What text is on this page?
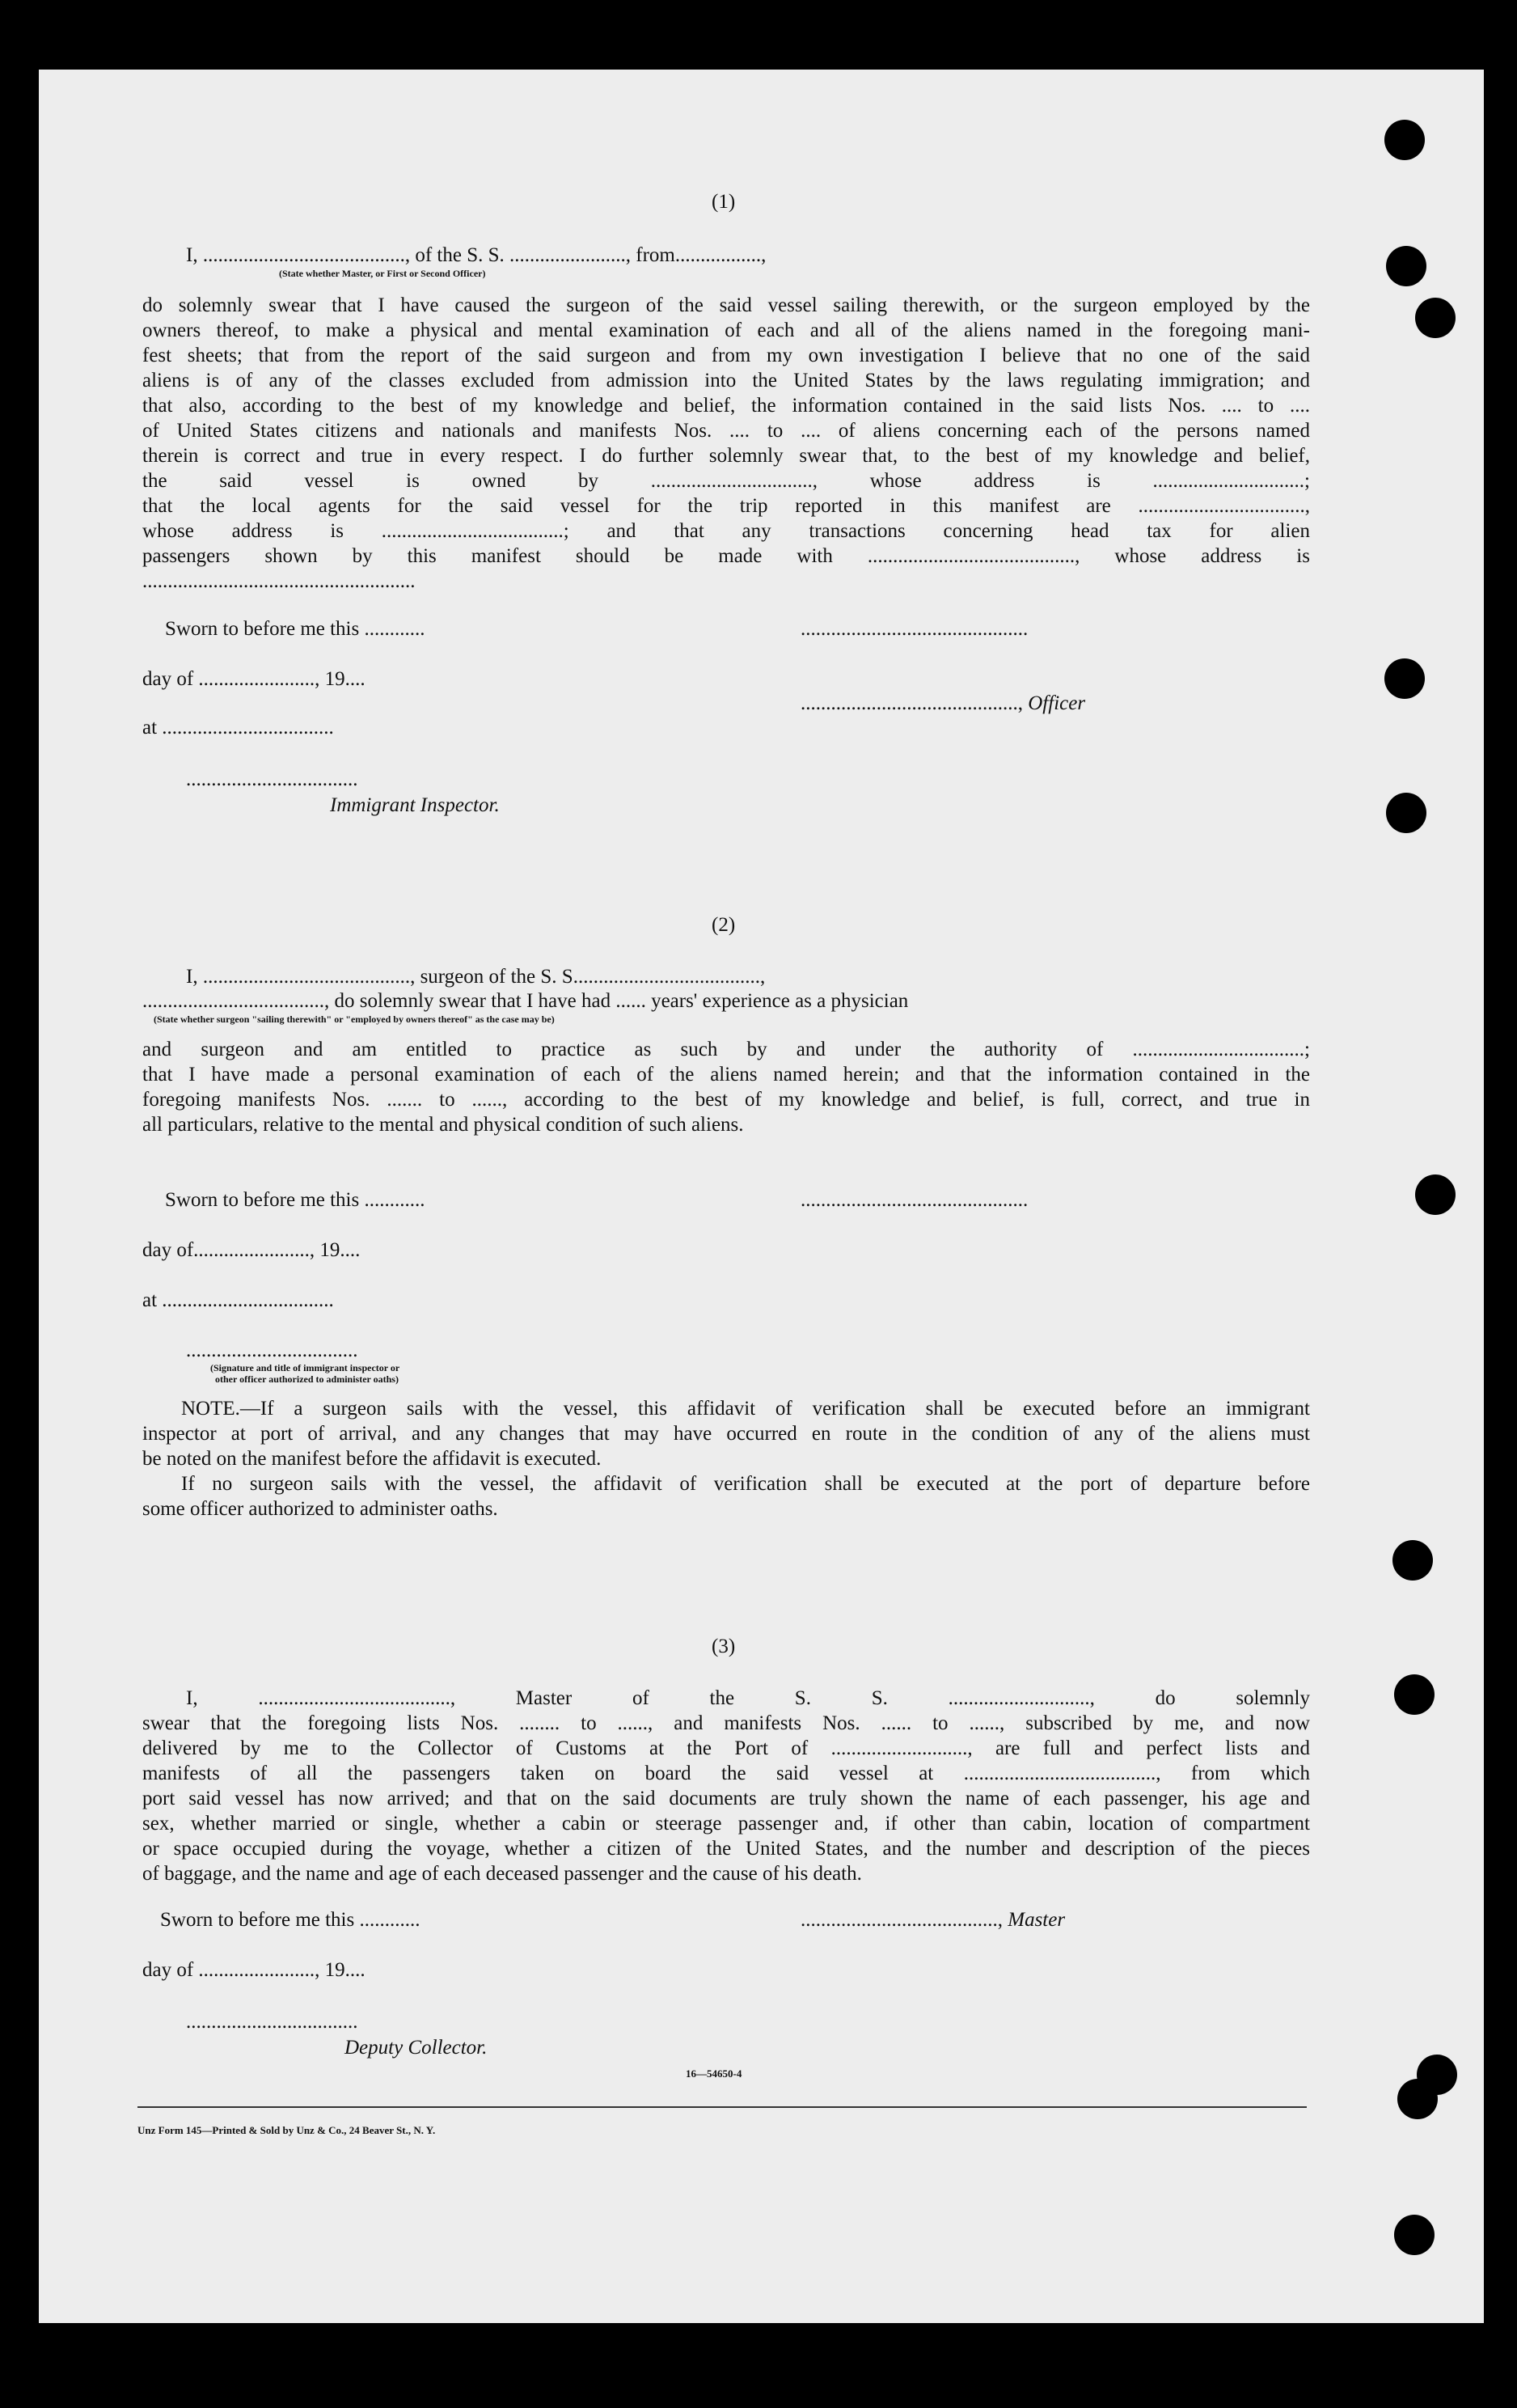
(1)
I, ........................................, of the S. S. ......................., from.................,
(State whether Master, or First or Second Officer)
do solemnly swear that I have caused the surgeon of the said vessel sailing therewith, or the surgeon employed by the
owners thereof, to make a physical and mental examination of each and all of the aliens named in the foregoing mani-
fest sheets; that from the report of the said surgeon and from my own investigation I believe that no one of the said
aliens is of any of the classes excluded from admission into the United States by the laws regulating immigration; and
that also, according to the best of my knowledge and belief, the information contained in the said lists Nos. .... to ....
of United States citizens and nationals and manifests Nos. .... to .... of aliens concerning each of the persons named
therein is correct and true in every respect. I do further solemnly swear that, to the best of my knowledge and belief,
the said vessel is owned by ................................, whose address is ..............................;
that the local agents for the said vessel for the trip reported in this manifest are .................................,
whose address is ....................................; and that any transactions concerning head tax for alien
passengers shown by this manifest should be made with ........................................., whose address is
......................................................
Sworn to before me this ............	.............................................
day of ......................., 19....
..........................................., Officer
at ..................................
..................................
Immigrant Inspector.
(2)
I, ........................................., surgeon of the S. S.....................................,
...................................., do solemnly swear that I have had ...... years' experience as a physician
(State whether surgeon "sailing therewith" or "employed by owners thereof" as the case may be)
and surgeon and am entitled to practice as such by and under the authority of ..................................;
that I have made a personal examination of each of the aliens named herein; and that the information contained in the
foregoing manifests Nos. ....... to ......, according to the best of my knowledge and belief, is full, correct, and true in
all particulars, relative to the mental and physical condition of such aliens.
Sworn to before me this ............	.............................................
day of......................., 19....
at ..................................
..................................
(Signature and title of immigrant inspector or
other officer authorized to administer oaths)
NOTE.—If a surgeon sails with the vessel, this affidavit of verification shall be executed before an immigrant
inspector at port of arrival, and any changes that may have occurred en route in the condition of any of the aliens must
be noted on the manifest before the affidavit is executed.
If no surgeon sails with the vessel, the affidavit of verification shall be executed at the port of departure before
some officer authorized to administer oaths.
(3)
I, ......................................, Master of the S. S. ............................, do solemnly
swear that the foregoing lists Nos. ........ to ......, and manifests Nos. ...... to ......, subscribed by me, and now
delivered by me to the Collector of Customs at the Port of ..........................., are full and perfect lists and
manifests of all the passengers taken on board the said vessel at ......................................, from which
port said vessel has now arrived; and that on the said documents are truly shown the name of each passenger, his age and
sex, whether married or single, whether a cabin or steerage passenger and, if other than cabin, location of compartment
or space occupied during the voyage, whether a citizen of the United States, and the number and description of the pieces
of baggage, and the name and age of each deceased passenger and the cause of his death.
Sworn to before me this ............	......................................., Master
day of ......................., 19....
..................................
Deputy Collector.
16—54650-4
Unz Form 145—Printed & Sold by Unz & Co., 24 Beaver St., N. Y.
